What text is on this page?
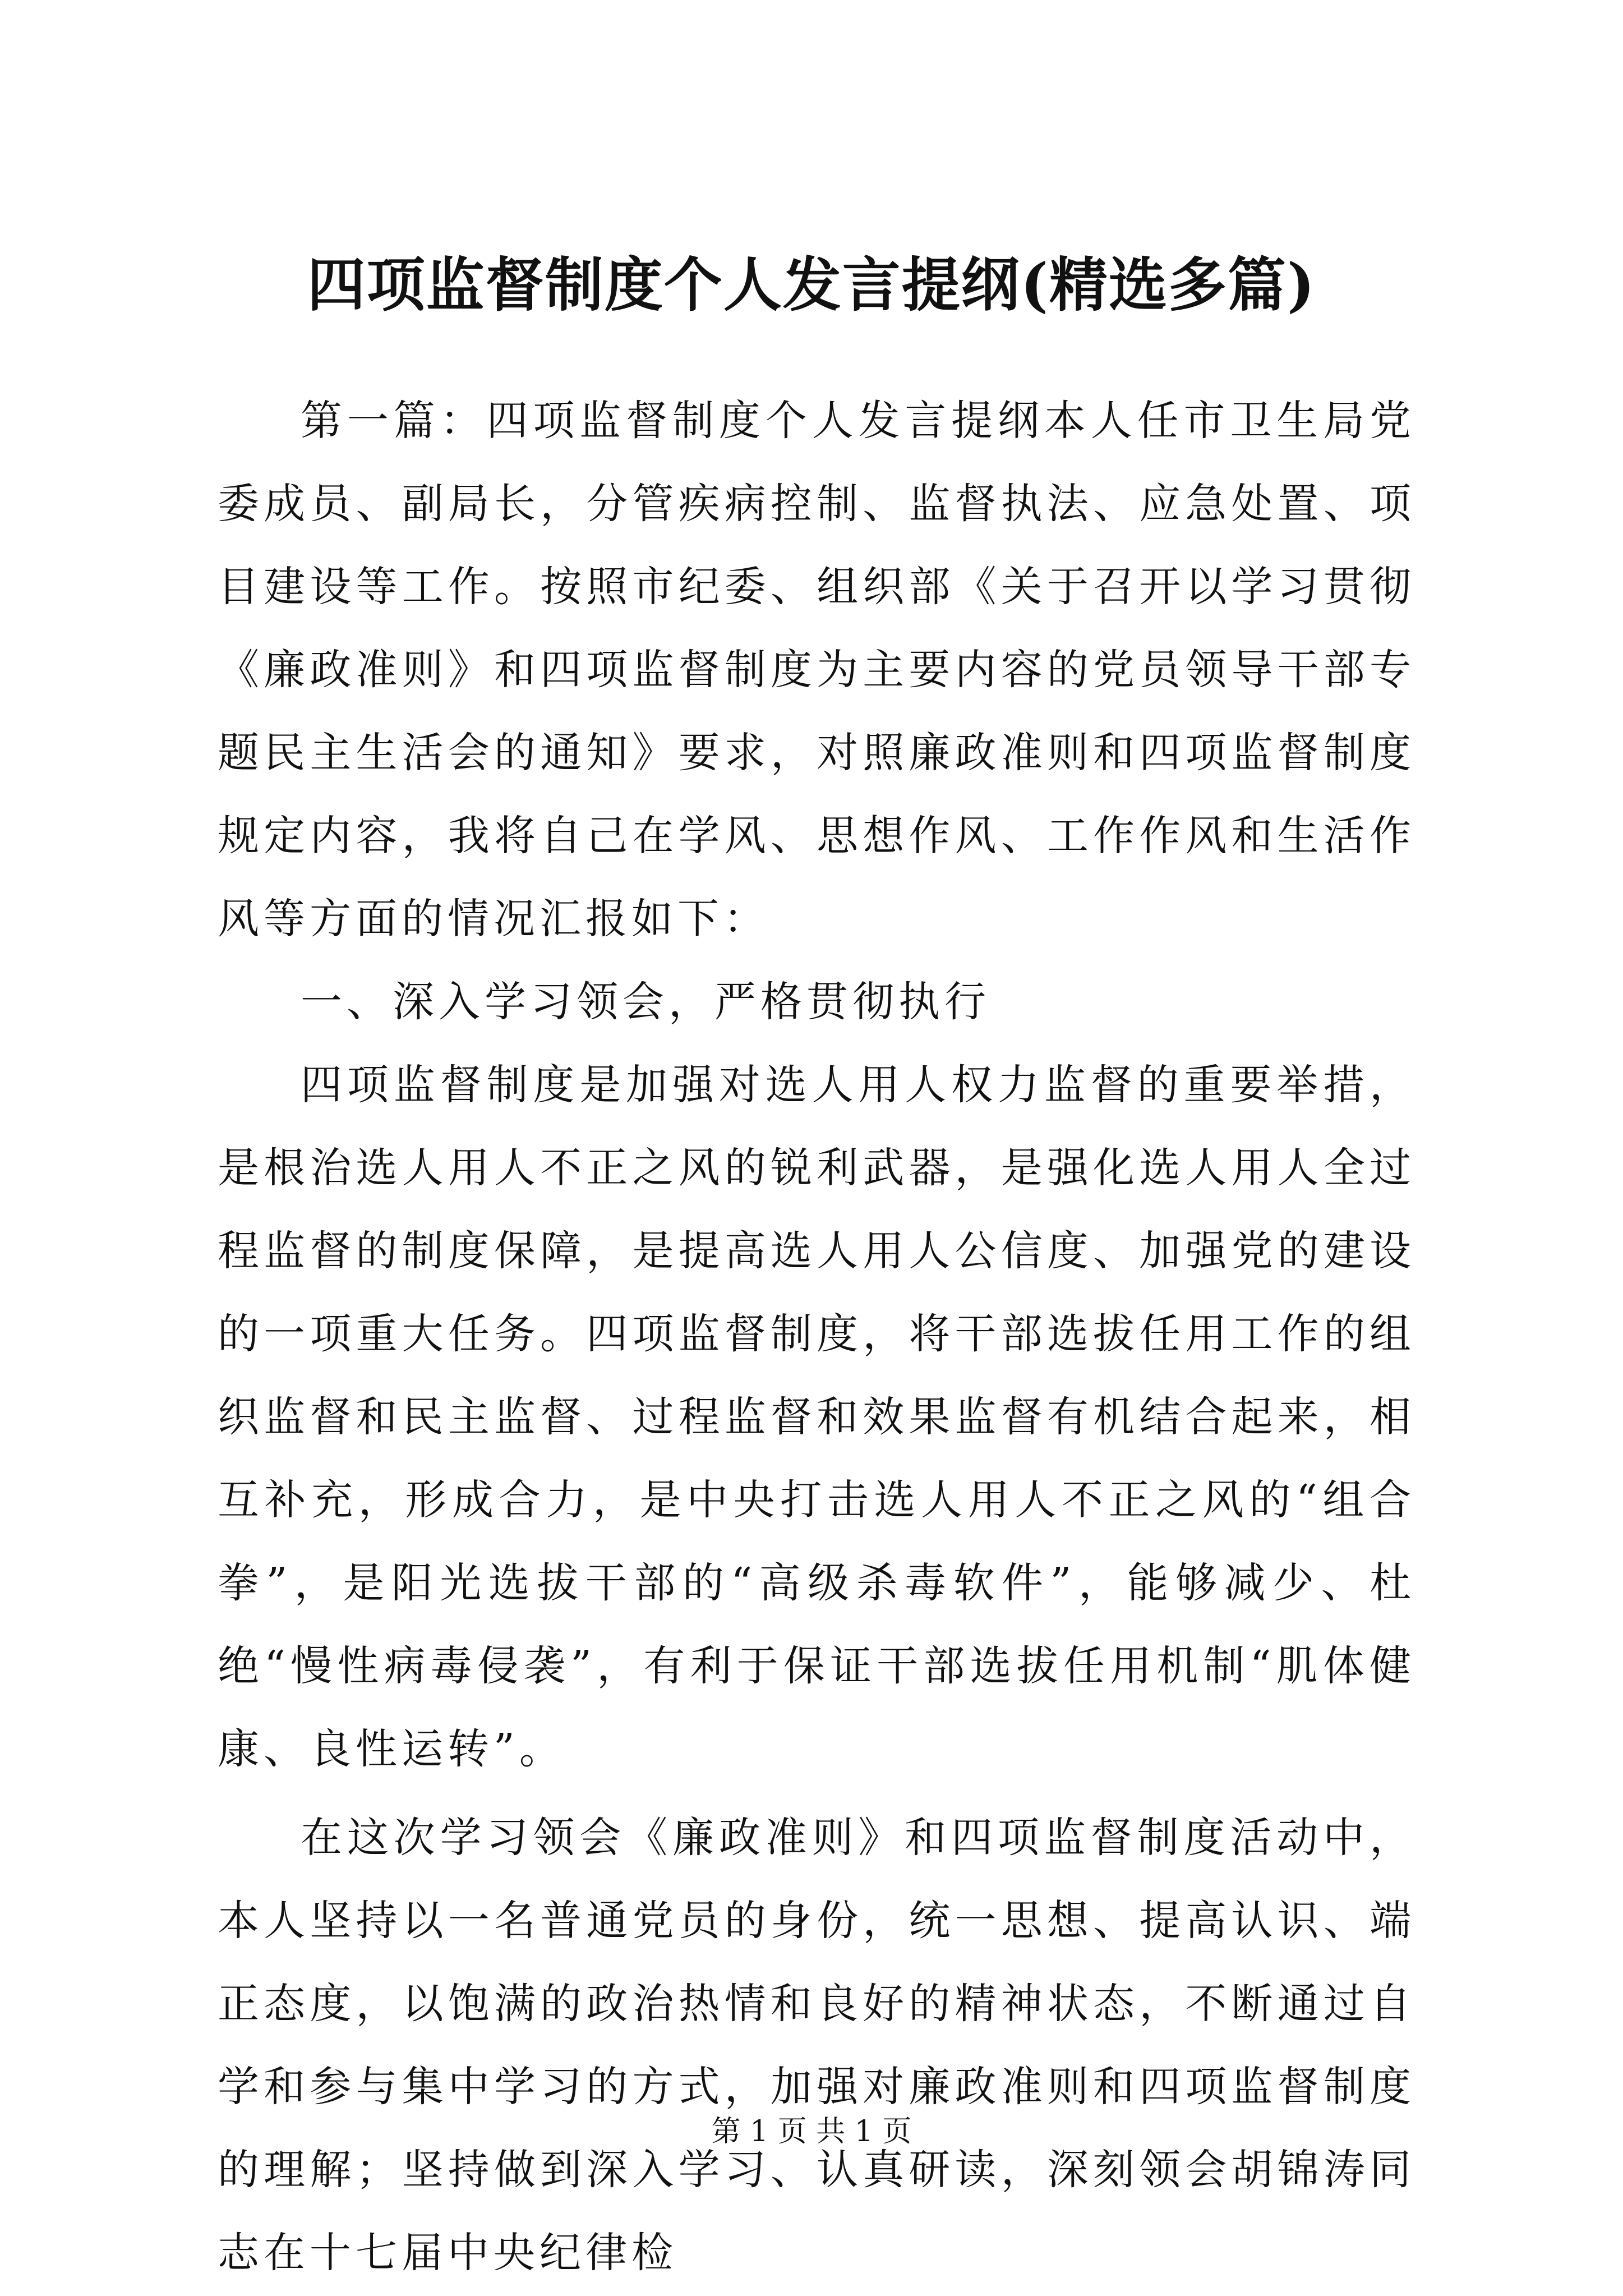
四项监督制度个人发言提纲(精选多篇)

第一篇：四项监督制度个人发言提纲本人任市卫生局党委成员、副局长，分管疾病控制、监督执法、应急处置、项目建设等工作。按照市纪委、组织部《关于召开以学习贯彻《廉政准则》和四项监督制度为主要内容的党员领导干部专题民主生活会的通知》要求，对照廉政准则和四项监督制度规定内容，我将自己在学风、思想作风、工作作风和生活作风等方面的情况汇报如下：

一、深入学习领会，严格贯彻执行

四项监督制度是加强对选人用人权力监督的重要举措，是根治选人用人不正之风的锐利武器，是强化选人用人全过程监督的制度保障，是提高选人用人公信度、加强党的建设的一项重大任务。四项监督制度，将干部选拔任用工作的组织监督和民主监督、过程监督和效果监督有机结合起来，相互补充，形成合力，是中央打击选人用人不正之风的“组合拳”，是阳光选拔干部的“高级杀毒软件”，能够减少、杜绝“慢性病毒侵袭”，有利于保证干部选拔任用机制“肌体健康、良性运转”。

在这次学习领会《廉政准则》和四项监督制度活动中，本人坚持以一名普通党员的身份，统一思想、提高认识、端正态度，以饱满的政治热情和良好的精神状态，不断通过自学和参与集中学习的方式，加强对廉政准则和四项监督制度的理解；坚持做到深入学习、认真研读，深刻领会胡锦涛同志在十七届中央纪律检

第 1 页 共 1 页
